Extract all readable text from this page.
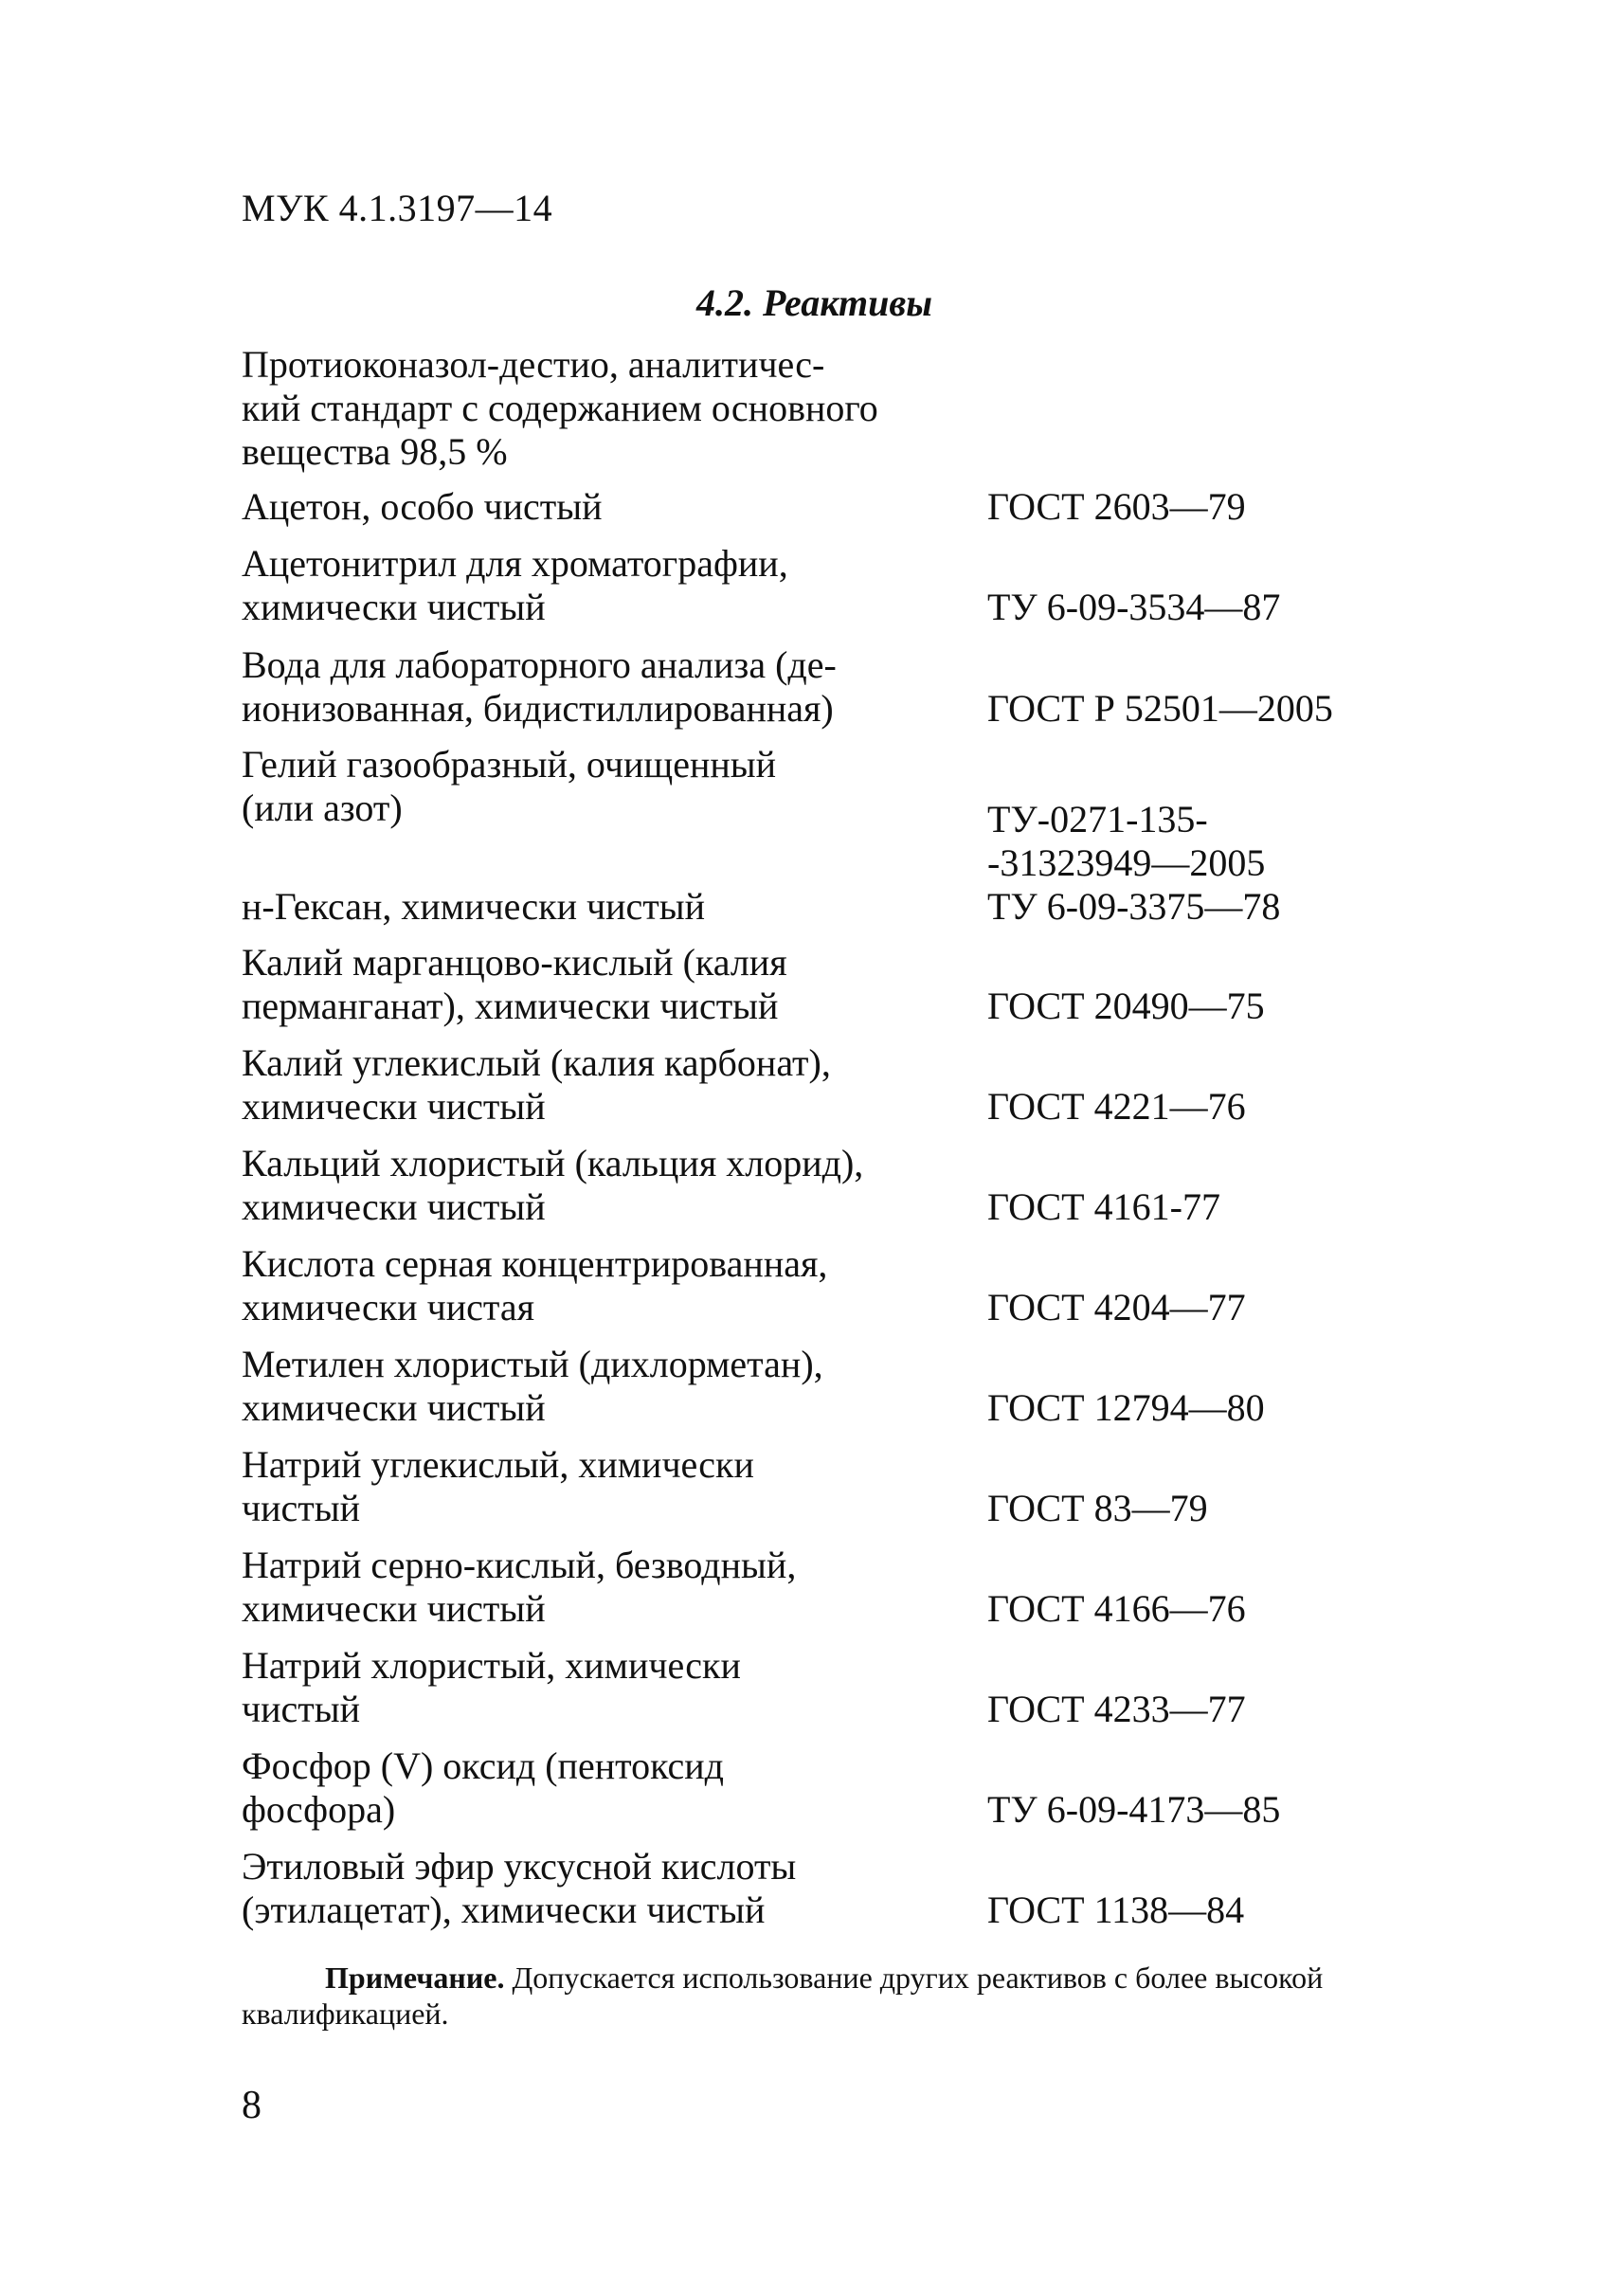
МУК 4.1.3197—14
4.2. Реактивы
Протиоконазол-дестио, аналитичес-
кий стандарт с содержанием основного
вещества 98,5 %
Ацетон, особо чистый	ГОСТ 2603—79
Ацетонитрил для хроматографии,
химически чистый	ТУ 6-09-3534—87
Вода для лабораторного анализа (де-
ионизованная, бидистиллированная)	ГОСТ Р 52501—2005
Гелий газообразный, очищенный
(или азот)	ТУ-0271-135-
-31323949—2005
н-Гексан, химически чистый	ТУ 6-09-3375—78
Калий марганцово-кислый (калия
перманганат), химически чистый	ГОСТ 20490—75
Калий углекислый (калия карбонат),
химически чистый	ГОСТ 4221—76
Кальций хлористый (кальция хлорид),
химически чистый	ГОСТ 4161-77
Кислота серная концентрированная,
химически чистая	ГОСТ 4204—77
Метилен хлористый (дихлорметан),
химически чистый	ГОСТ 12794—80
Натрий углекислый, химически
чистый	ГОСТ 83—79
Натрий серно-кислый, безводный,
химически чистый	ГОСТ 4166—76
Натрий хлористый, химически
чистый	ГОСТ 4233—77
Фосфор (V) оксид (пентоксид
фосфора)	ТУ 6-09-4173—85
Этиловый эфир уксусной кислоты
(этилацетат), химически чистый	ГОСТ 1138—84
Примечание. Допускается использование других реактивов с более высокой квалификацией.
8
